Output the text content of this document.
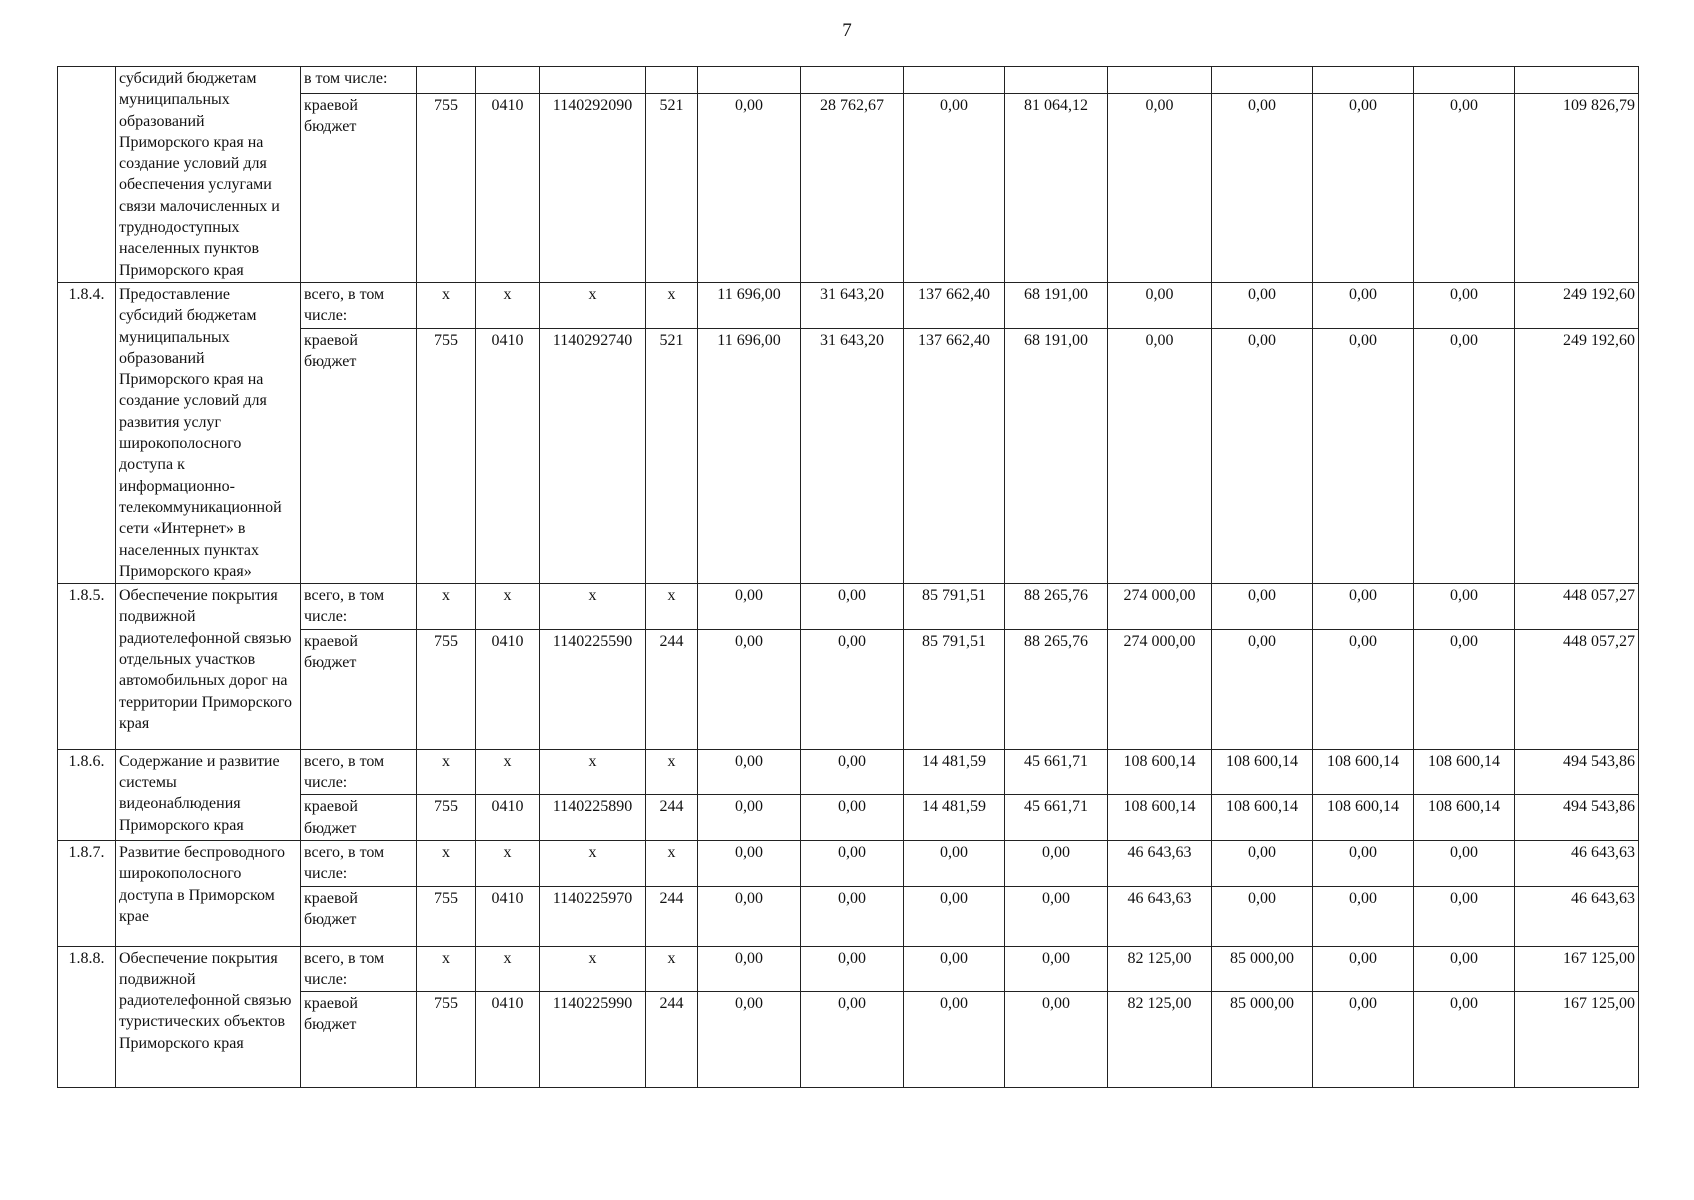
7
	субсидий бюджетам муниципальных образований Приморского края на создание условий для обеспечения услугами связи малочисленных и труднодоступных населенных пунктов Приморского края	в том числе:													
		краевой бюджет	755	0410	1140292090	521	0,00	28 762,67	0,00	81 064,12	0,00	0,00	0,00	0,00	109 826,79
1.8.4.	Предоставление субсидий бюджетам муниципальных образований Приморского края на создание условий для развития услуг широкополосного доступа к информационно-телекоммуникационной сети «Интернет» в населенных пунктах Приморского края»	всего, в том числе:	x	x	x	x	11 696,00	31 643,20	137 662,40	68 191,00	0,00	0,00	0,00	0,00	249 192,60
		краевой бюджет	755	0410	1140292740	521	11 696,00	31 643,20	137 662,40	68 191,00	0,00	0,00	0,00	0,00	249 192,60
1.8.5.	Обеспечение покрытия подвижной радиотелефонной связью отдельных участков автомобильных дорог на территории Приморского края	всего, в том числе:	x	x	x	x	0,00	0,00	85 791,51	88 265,76	274 000,00	0,00	0,00	0,00	448 057,27
		краевой бюджет	755	0410	1140225590	244	0,00	0,00	85 791,51	88 265,76	274 000,00	0,00	0,00	0,00	448 057,27
1.8.6.	Содержание и развитие системы видеонаблюдения Приморского края	всего, в том числе:	x	x	x	x	0,00	0,00	14 481,59	45 661,71	108 600,14	108 600,14	108 600,14	108 600,14	494 543,86
		краевой бюджет	755	0410	1140225890	244	0,00	0,00	14 481,59	45 661,71	108 600,14	108 600,14	108 600,14	108 600,14	494 543,86
1.8.7.	Развитие беспроводного широкополосного доступа в Приморском крае	всего, в том числе:	x	x	x	x	0,00	0,00	0,00	0,00	46 643,63	0,00	0,00	0,00	46 643,63
		краевой бюджет	755	0410	1140225970	244	0,00	0,00	0,00	0,00	46 643,63	0,00	0,00	0,00	46 643,63
1.8.8.	Обеспечение покрытия подвижной радиотелефонной связью туристических объектов Приморского края	всего, в том числе:	x	x	x	x	0,00	0,00	0,00	0,00	82 125,00	85 000,00	0,00	0,00	167 125,00
		краевой бюджет	755	0410	1140225990	244	0,00	0,00	0,00	0,00	82 125,00	85 000,00	0,00	0,00	167 125,00
